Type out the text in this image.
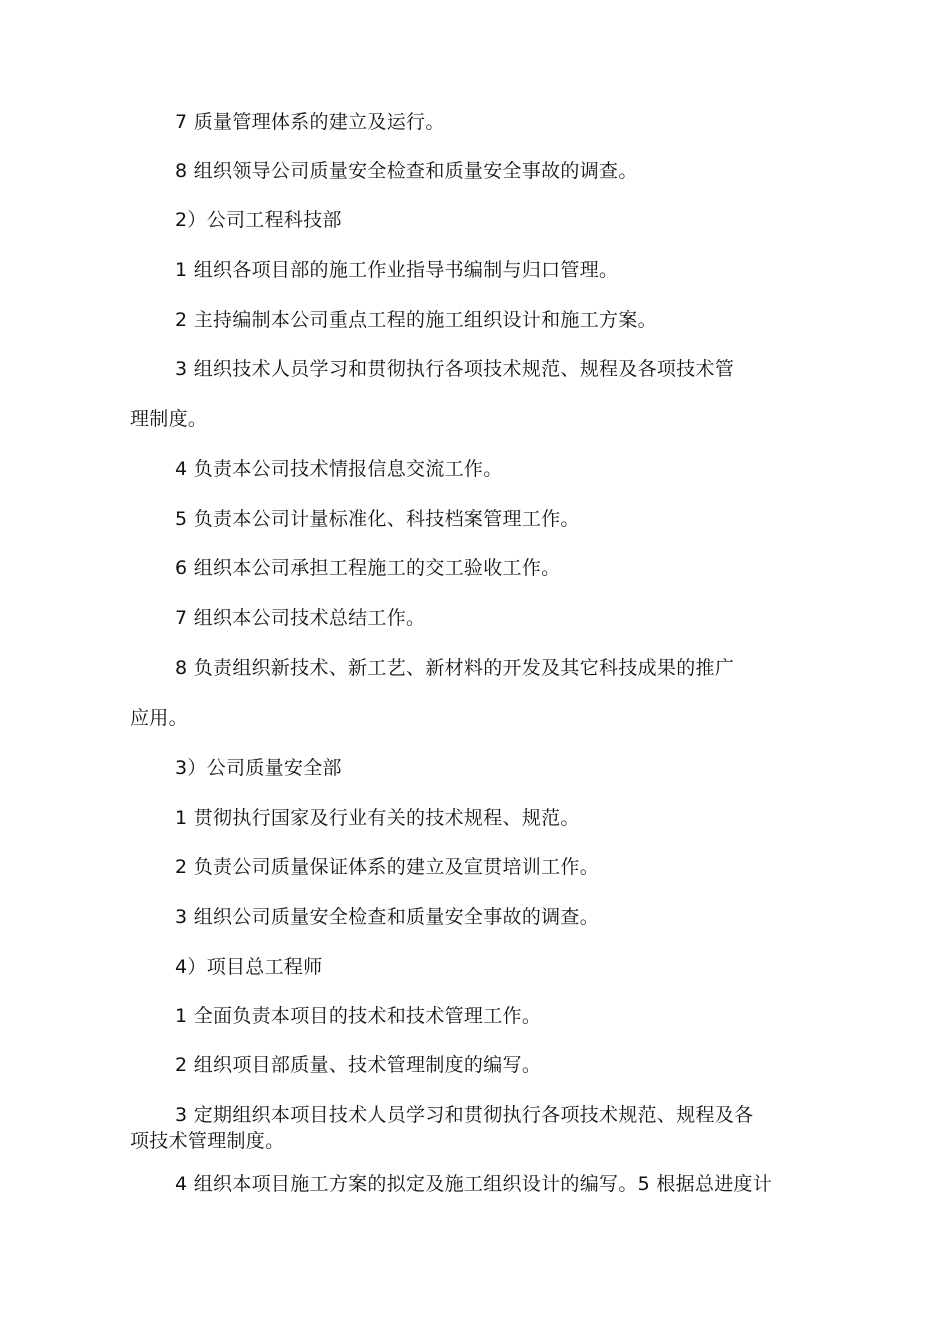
7 质量管理体系的建立及运行。
8 组织领导公司质量安全检查和质量安全事故的调查。
2）公司工程科技部
1 组织各项目部的施工作业指导书编制与归口管理。
2 主持编制本公司重点工程的施工组织设计和施工方案。
3 组织技术人员学习和贯彻执行各项技术规范、规程及各项技术管
理制度。
4 负责本公司技术情报信息交流工作。
5 负责本公司计量标准化、科技档案管理工作。
6 组织本公司承担工程施工的交工验收工作。
7 组织本公司技术总结工作。
8 负责组织新技术、新工艺、新材料的开发及其它科技成果的推广
应用。
3）公司质量安全部
1 贯彻执行国家及行业有关的技术规程、规范。
2 负责公司质量保证体系的建立及宣贯培训工作。
3 组织公司质量安全检查和质量安全事故的调查。
4）项目总工程师
1 全面负责本项目的技术和技术管理工作。
2 组织项目部质量、技术管理制度的编写。
3 定期组织本项目技术人员学习和贯彻执行各项技术规范、规程及各
项技术管理制度。
4 组织本项目施工方案的拟定及施工组织设计的编写。5 根据总进度计
